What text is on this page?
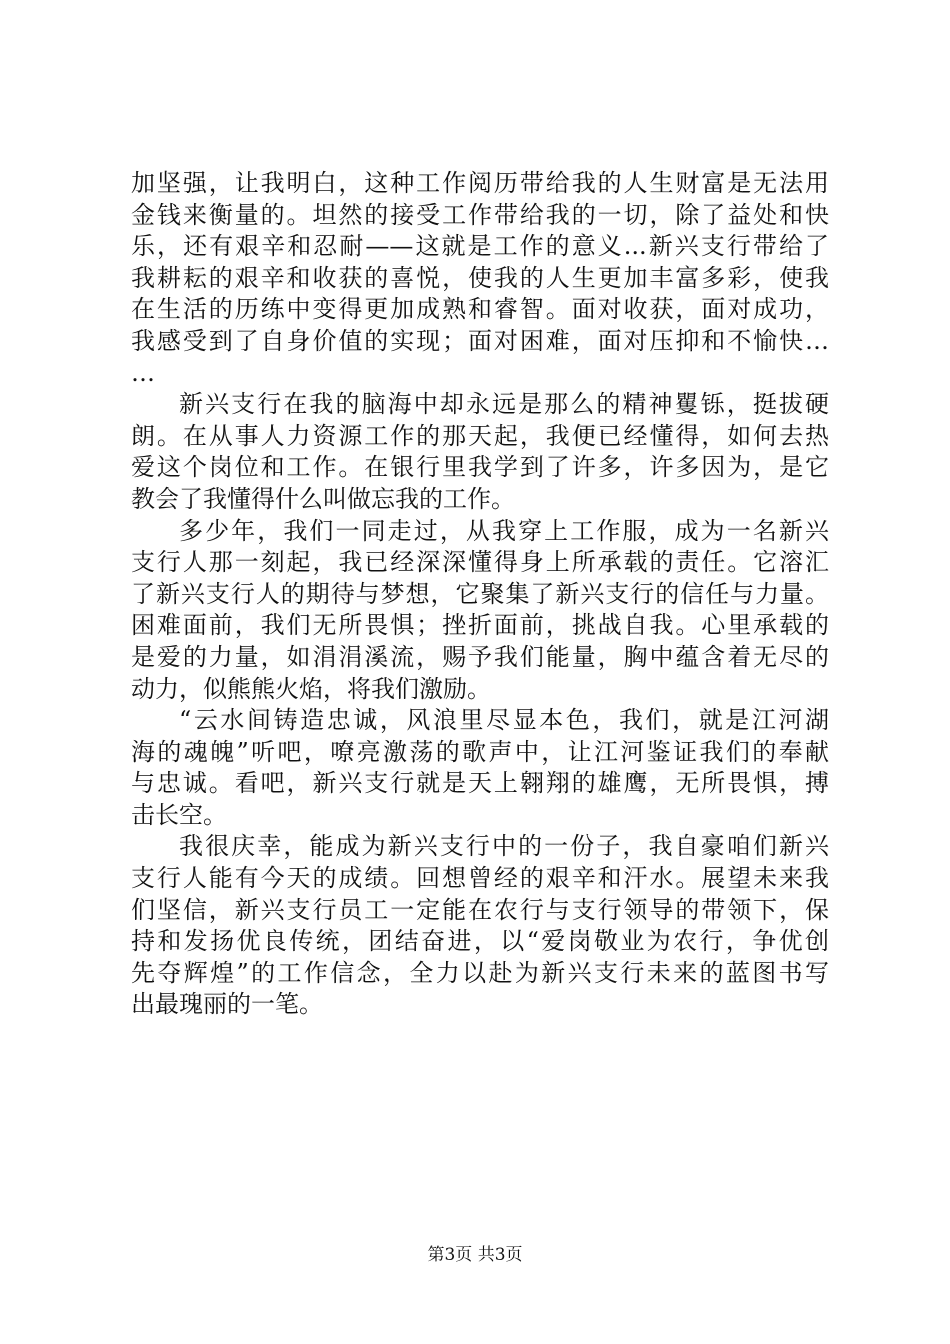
加坚强，让我明白，这种工作阅历带给我的人生财富是无法用
金钱来衡量的。坦然的接受工作带给我的一切，除了益处和快
乐，还有艰辛和忍耐——这就是工作的意义...新兴支行带给了
我耕耘的艰辛和收获的喜悦，使我的人生更加丰富多彩，使我
在生活的历练中变得更加成熟和睿智。面对收获，面对成功，
我感受到了自身价值的实现；面对困难，面对压抑和不愉快…
…
新兴支行在我的脑海中却永远是那么的精神矍铄，挺拔硬
朗。在从事人力资源工作的那天起，我便已经懂得，如何去热
爱这个岗位和工作。在银行里我学到了许多，许多因为，是它
教会了我懂得什么叫做忘我的工作。
多少年，我们一同走过，从我穿上工作服，成为一名新兴
支行人那一刻起，我已经深深懂得身上所承载的责任。它溶汇
了新兴支行人的期待与梦想，它聚集了新兴支行的信任与力量。
困难面前，我们无所畏惧；挫折面前，挑战自我。心里承载的
是爱的力量，如涓涓溪流，赐予我们能量，胸中蕴含着无尽的
动力，似熊熊火焰，将我们激励。
“云水间铸造忠诚，风浪里尽显本色，我们，就是江河湖
海的魂魄”听吧，嘹亮激荡的歌声中，让江河鉴证我们的奉献
与忠诚。看吧，新兴支行就是天上翱翔的雄鹰，无所畏惧，搏
击长空。
我很庆幸，能成为新兴支行中的一份子，我自豪咱们新兴
支行人能有今天的成绩。回想曾经的艰辛和汗水。展望未来我
们坚信，新兴支行员工一定能在农行与支行领导的带领下，保
持和发扬优良传统，团结奋进，以“爱岗敬业为农行，争优创
先夺辉煌”的工作信念，全力以赴为新兴支行未来的蓝图书写
出最瑰丽的一笔。
第3页 共3页
